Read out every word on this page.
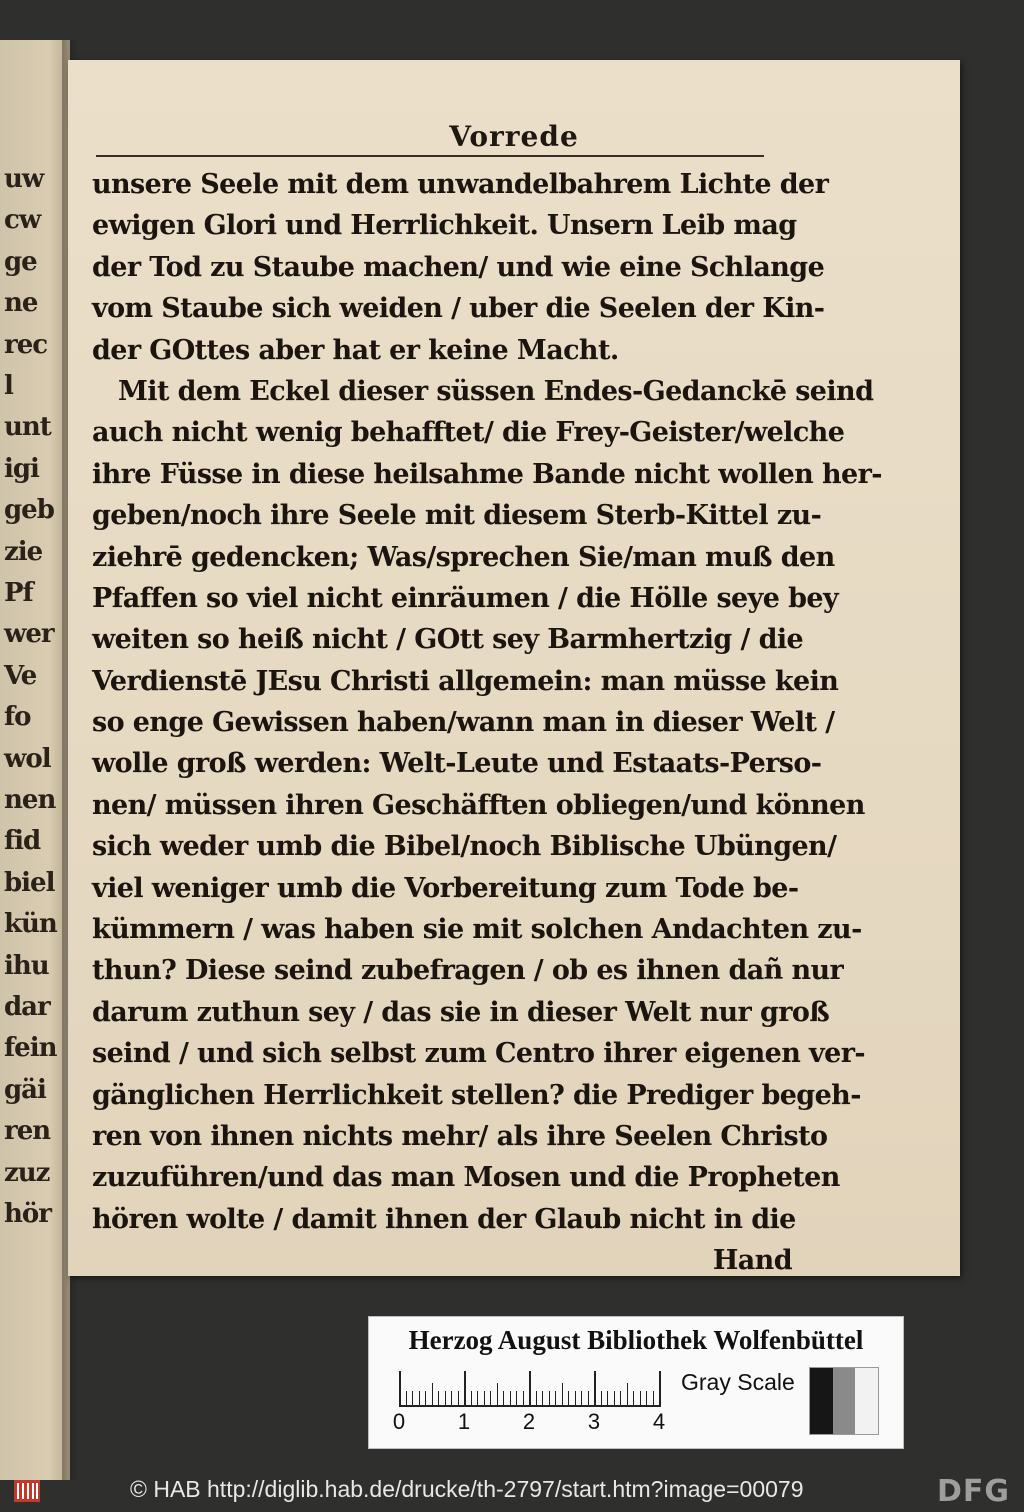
uw
cw
ge
ne
rec
l
unt
igi
geb
zie
Pf
wer
Ve
fo
wol
nen
fid
biel
kün
ihu
dar
fein
gäi
ren
zuz
hör
Vorrede
unsere Seele mit dem unwandelbahrem Lichte der
ewigen Glori und Herrlichkeit. Unsern Leib mag
der Tod zu Staube machen/ und wie eine Schlange
vom Staube sich weiden / uber die Seelen der Kin-
der GOttes aber hat er keine Macht.
Mit dem Eckel dieser süssen Endes-Gedanckē seind
auch nicht wenig behafftet/ die Frey-Geister/welche
ihre Füsse in diese heilsahme Bande nicht wollen her-
geben/noch ihre Seele mit diesem Sterb-Kittel zu-
ziehrē gedencken; Was/sprechen Sie/man muß den
Pfaffen so viel nicht einräumen / die Hölle seye bey
weiten so heiß nicht / GOtt sey Barmhertzig / die
Verdienstē JEsu Christi allgemein: man müsse kein
so enge Gewissen haben/wann man in dieser Welt /
wolle groß werden: Welt-Leute und Estaats-Perso-
nen/ müssen ihren Geschäfften obliegen/und können
sich weder umb die Bibel/noch Biblische Ubüngen/
viel weniger umb die Vorbereitung zum Tode be-
kümmern / was haben sie mit solchen Andachten zu-
thun? Diese seind zubefragen / ob es ihnen dañ nur
darum zuthun sey / das sie in dieser Welt nur groß
seind / und sich selbst zum Centro ihrer eigenen ver-
gänglichen Herrlichkeit stellen? die Prediger begeh-
ren von ihnen nichts mehr/ als ihre Seelen Christo
zuzuführen/und das man Mosen und die Propheten
hören wolte / damit ihnen der Glaub nicht in die
Hand
Herzog August Bibliothek Wolfenbüttel
0 1 2 3 4
Gray Scale
© HAB http://diglib.hab.de/drucke/th-2797/start.htm?image=00079	DFG
